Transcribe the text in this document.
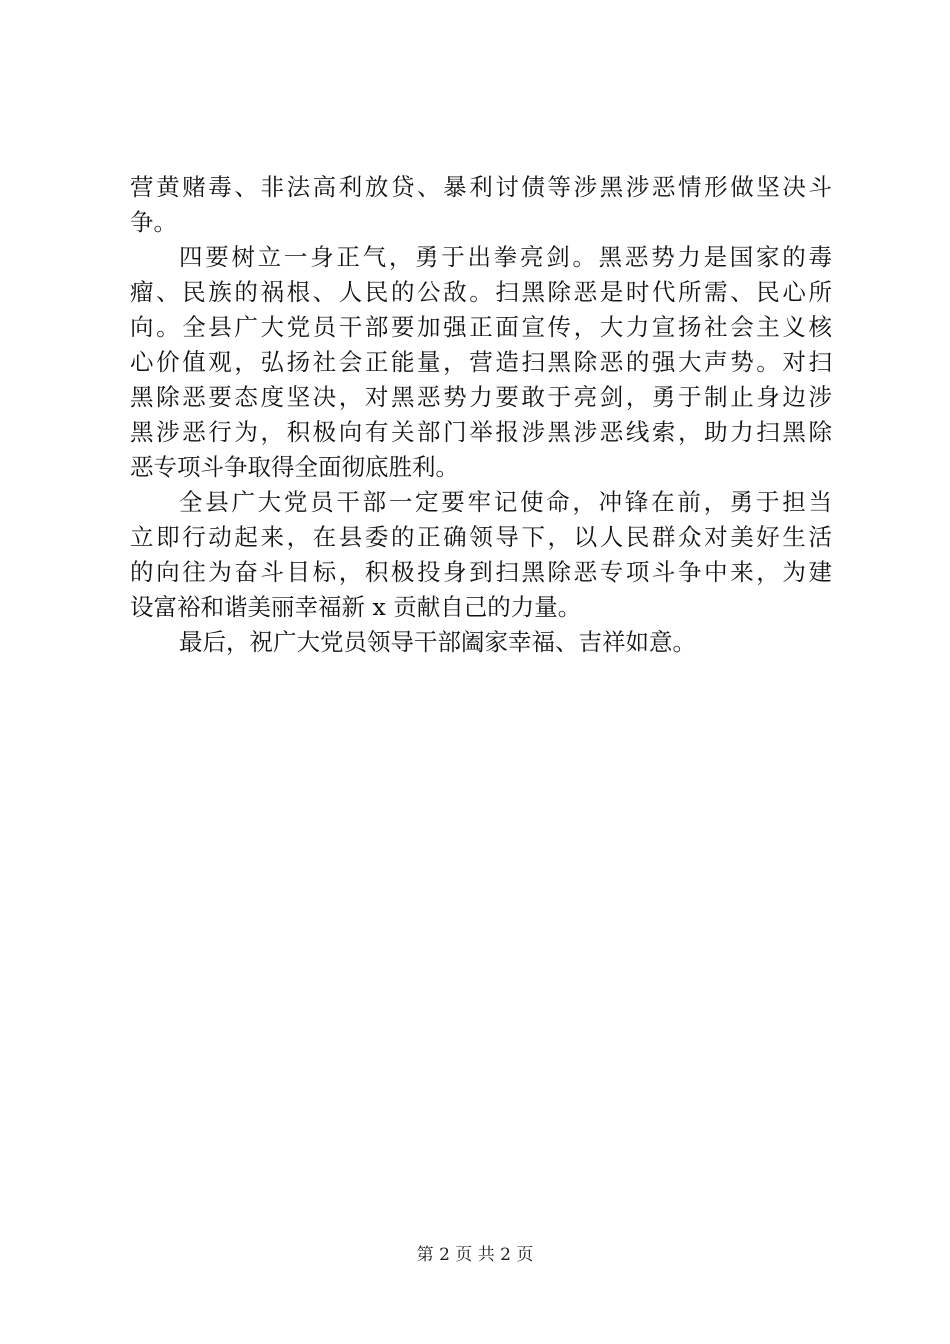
营黄赌毒、非法高利放贷、暴利讨债等涉黑涉恶情形做坚决斗
争。
四要树立一身正气，勇于出拳亮剑。黑恶势力是国家的毒
瘤、民族的祸根、人民的公敌。扫黑除恶是时代所需、民心所
向。全县广大党员干部要加强正面宣传，大力宣扬社会主义核
心价值观，弘扬社会正能量，营造扫黑除恶的强大声势。对扫
黑除恶要态度坚决，对黑恶势力要敢于亮剑，勇于制止身边涉
黑涉恶行为，积极向有关部门举报涉黑涉恶线索，助力扫黑除
恶专项斗争取得全面彻底胜利。
全县广大党员干部一定要牢记使命，冲锋在前，勇于担当
立即行动起来，在县委的正确领导下，以人民群众对美好生活
的向往为奋斗目标，积极投身到扫黑除恶专项斗争中来，为建
设富裕和谐美丽幸福新 x 贡献自己的力量。
最后，祝广大党员领导干部阖家幸福、吉祥如意。
第 2 页 共 2 页
